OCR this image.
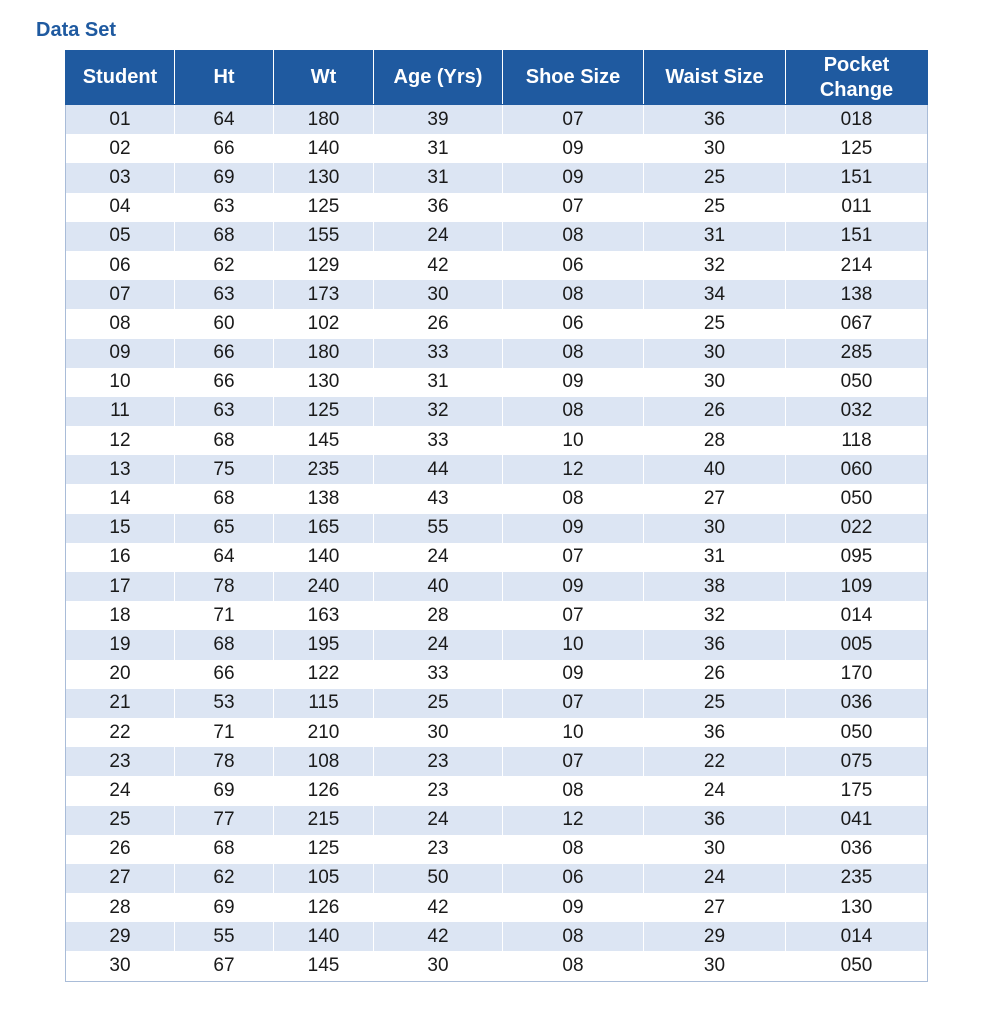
Data Set
Student	Ht	Wt	Age (Yrs)	Shoe Size	Waist Size	Pocket
Change
01	64	180	39	07	36	018
02	66	140	31	09	30	125
03	69	130	31	09	25	151
04	63	125	36	07	25	011
05	68	155	24	08	31	151
06	62	129	42	06	32	214
07	63	173	30	08	34	138
08	60	102	26	06	25	067
09	66	180	33	08	30	285
10	66	130	31	09	30	050
11	63	125	32	08	26	032
12	68	145	33	10	28	118
13	75	235	44	12	40	060
14	68	138	43	08	27	050
15	65	165	55	09	30	022
16	64	140	24	07	31	095
17	78	240	40	09	38	109
18	71	163	28	07	32	014
19	68	195	24	10	36	005
20	66	122	33	09	26	170
21	53	115	25	07	25	036
22	71	210	30	10	36	050
23	78	108	23	07	22	075
24	69	126	23	08	24	175
25	77	215	24	12	36	041
26	68	125	23	08	30	036
27	62	105	50	06	24	235
28	69	126	42	09	27	130
29	55	140	42	08	29	014
30	67	145	30	08	30	050
